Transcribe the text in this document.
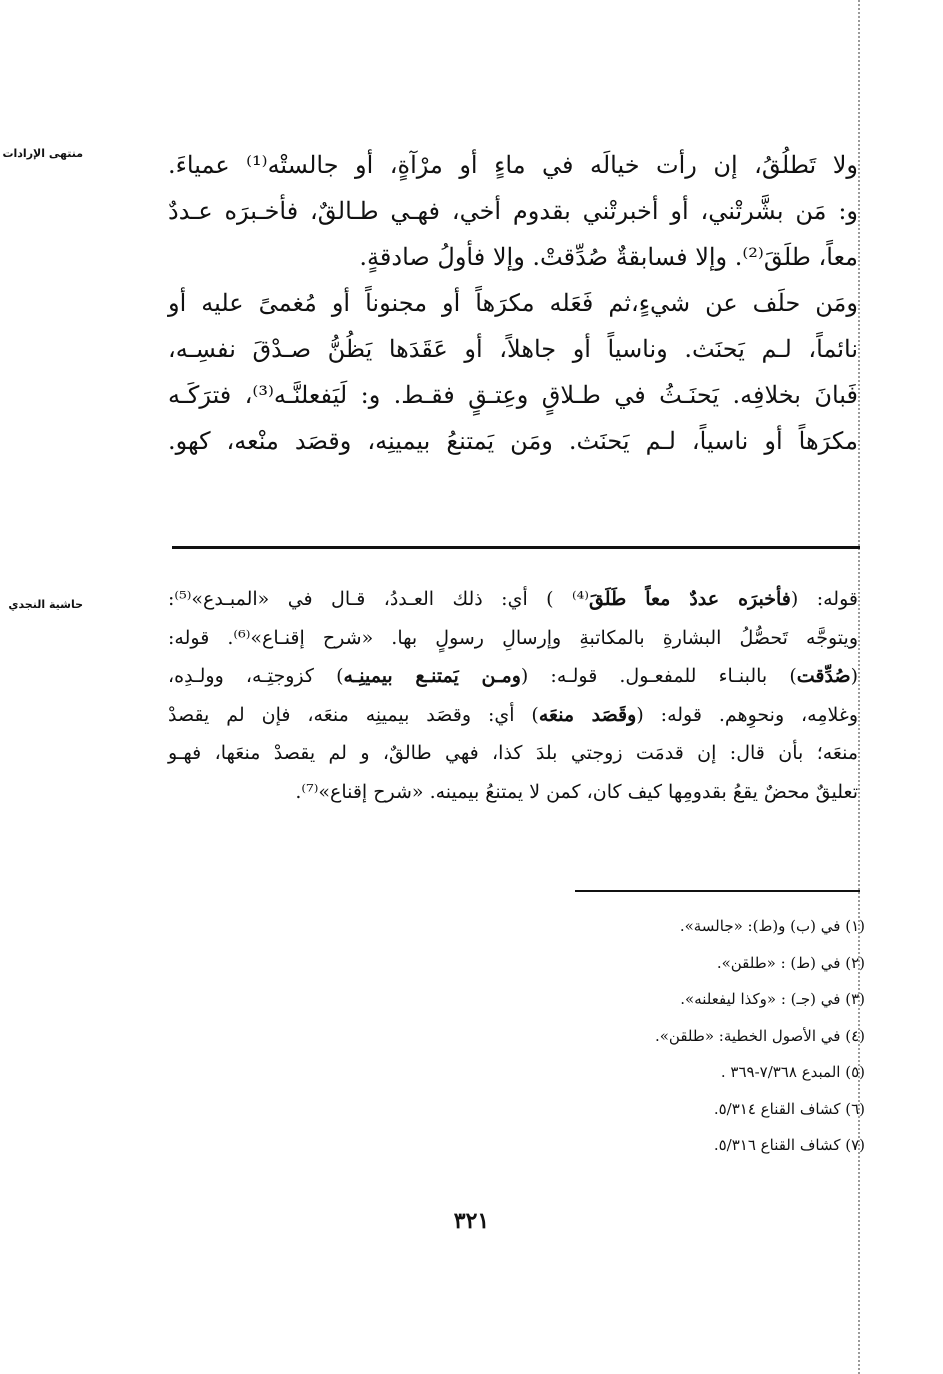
منتهى الإرادات
حاشية النجدي
ولا تَطلُقُ، إن رأت خيالَه في ماءٍ أو مرْآةٍ، أو جالستْه⁽¹⁾ عمياءَ.
و: مَن بشَّرتْني، أو أخبرتْني بقدوم أخي، فهـي طـالقٌ، فأخـبرَه عـددٌ
معاً، طلَقَ⁽²⁾. وإلا فسابقةٌ صُدِّقتْ. وإلا فأولُ صادقةٍ.
ومَن حلَف عن شيءٍ،ثم فَعَله مكرَهاً أو مجنوناً أو مُغمىً عليه أو
نائماً، لـم يَحنَث. وناسياً أو جاهلاً، أو عَقَدَها يَظُنُّ صـدْقَ نفسِـه،
فَبانَ بخلافِه. يَحنَـثُ في طـلاقٍ وعِتـقٍ فقـط. و: لَيَفعلنَّـه⁽³⁾، فترَكَـه
مكرَهاً أو ناسياً، لـم يَحنَث. ومَن يَمتنعُ بيمينِه، وقصَد منْعه، كهو.
قوله: (فأخبرَه عددٌ معاً طَلَقَ⁽⁴⁾ ) أي: ذلك العـددُ، قـال في «المبـدع»⁽⁵⁾:
ويتوجَّه تَحصُّلُ البشارةِ بالمكاتبةِ وإرسالِ رسولٍ بها. «شرح إقنـاع»⁽⁶⁾. قوله:
(صُدِّقت) بالبنـاء للمفعـول. قولـه: (ومـن يَمتنـع بيمينِـه) كزوجتِـه، وولـدِه،
وغلامِه، ونحوِهم. قوله: (وقَصَد منعَه) أي: وقصَد بيمينِه منعَه، فإن لم يقصدْ
منعَه؛ بأن قال: إن قدمَت زوجتي بلدَ كذا، فهي طالقٌ، و لم يقصدْ منعَها، فهـو
تعليقٌ محضٌ يقعُ بقدومِها كيف كان، كمن لا يمتنعُ بيمينه. «شرح إقناع»⁽⁷⁾.
(١) في (ب) و(ط): «جالسة».
(٢) في (ط) : «طلقن».
(٣) في (جـ) : «وكذا ليفعلنه».
(٤) في الأصول الخطية: «طلقن».
(٥) المبدع ٧/٣٦٨-٣٦٩ .
(٦) كشاف القناع ٥/٣١٤.
(٧) كشاف القناع ٥/٣١٦.
٣٢١
